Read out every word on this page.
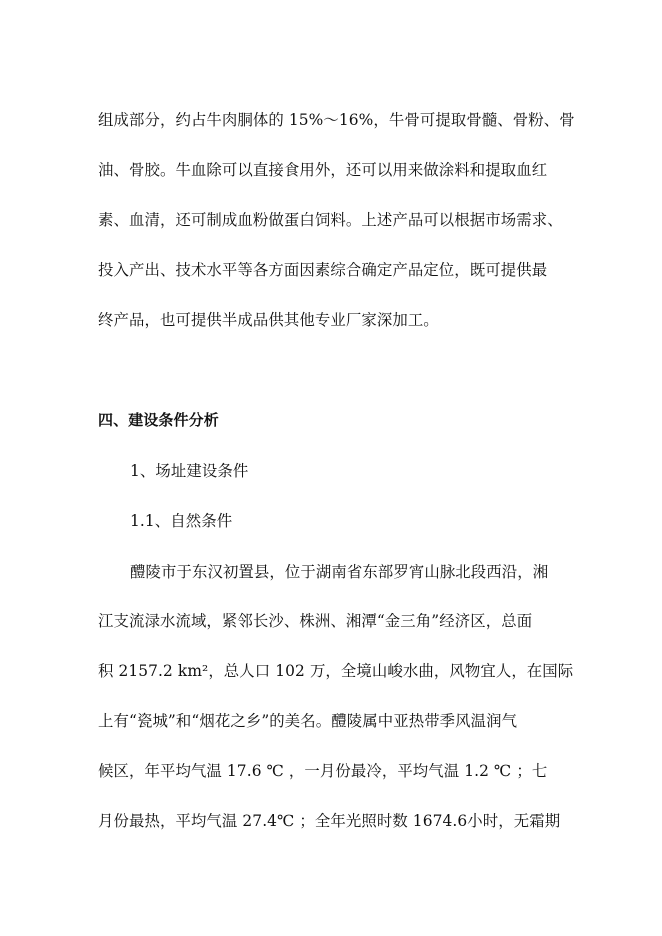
组成部分，约占牛肉胴体的 15%～16%，牛骨可提取骨髓、骨粉、骨
油、骨胶。牛血除可以直接食用外，还可以用来做涂料和提取血红
素、血清，还可制成血粉做蛋白饲料。上述产品可以根据市场需求、
投入产出、技术水平等各方面因素综合确定产品定位，既可提供最
终产品，也可提供半成品供其他专业厂家深加工。
四、建设条件分析
1、场址建设条件
1.1、自然条件
醴陵市于东汉初置县，位于湖南省东部罗宵山脉北段西沿，湘
江支流渌水流域，紧邻长沙、株洲、湘潭“金三角”经济区，总面
积 2157.2 km²，总人口 102 万，全境山峻水曲，风物宜人，在国际
上有“瓷城”和“烟花之乡”的美名。醴陵属中亚热带季风温润气
候区，年平均气温 17.6 ℃ ，一月份最冷，平均气温 1.2 ℃ ；七
月份最热，平均气温 27.4℃ ；全年光照时数 1674.6小时，无霜期
